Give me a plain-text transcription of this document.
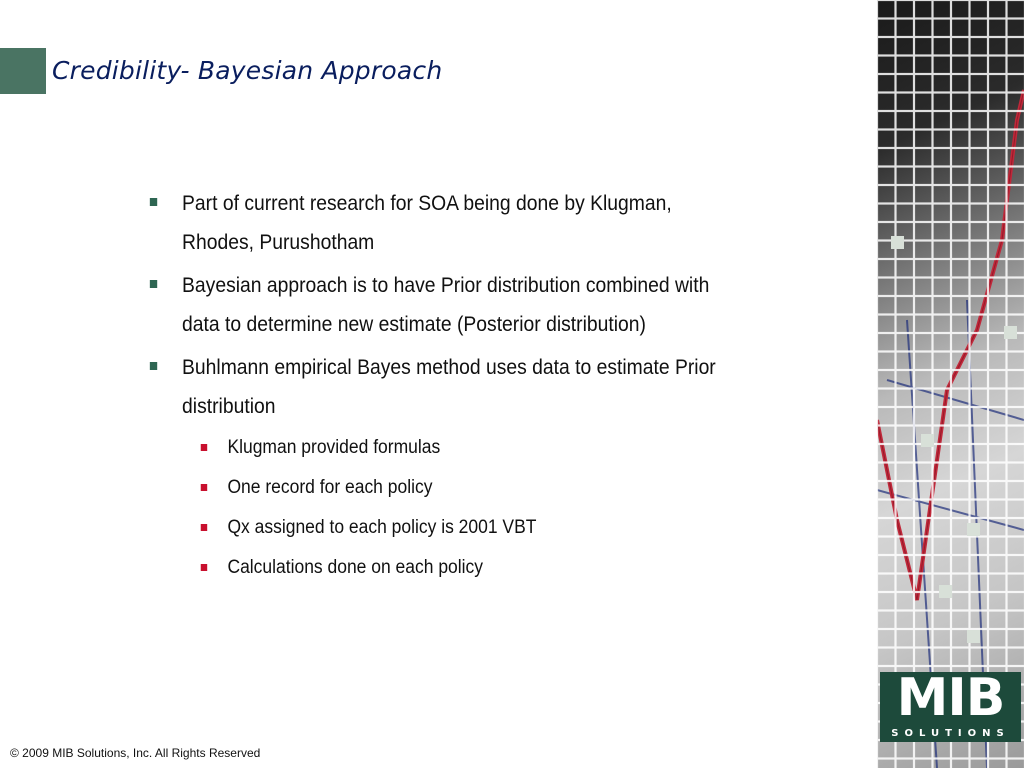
Credibility- Bayesian Approach
Part of current research for SOA being done by Klugman, Rhodes, Purushotham
Bayesian approach is to have Prior distribution combined with data to determine new estimate (Posterior distribution)
Buhlmann empirical Bayes method uses data to estimate Prior distribution
Klugman provided formulas
One record for each policy
Qx assigned to each policy is 2001 VBT
Calculations done on each policy
MIB
SOLUTIONS
© 2009 MIB Solutions, Inc. All Rights Reserved
